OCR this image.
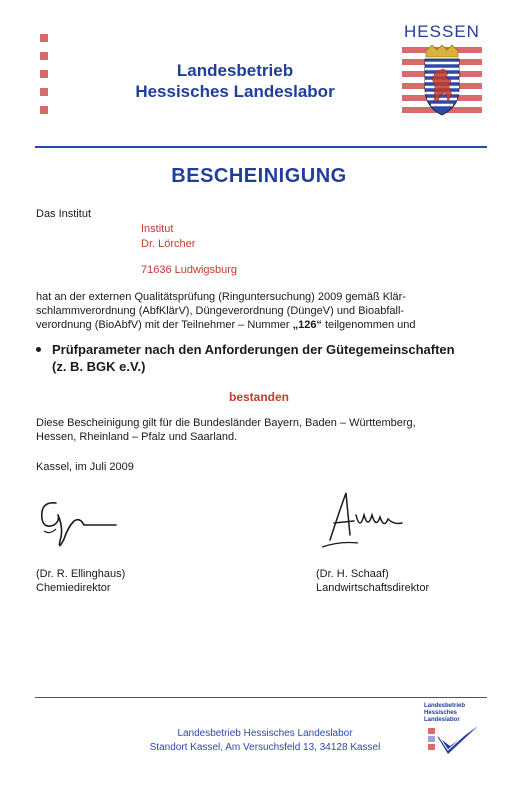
Landesbetrieb
Hessisches Landeslabor
HESSEN
BESCHEINIGUNG
Das Institut
Institut
Dr. Lörcher
71636 Ludwigsburg
hat an der externen Qualitätsprüfung (Ringuntersuchung) 2009 gemäß Klär-
schlammverordnung (AbfKlärV), Düngeverordnung (DüngeV) und Bioabfall-
verordnung (BioAbfV) mit der Teilnehmer – Nummer „126“ teilgenommen und
Prüfparameter nach den Anforderungen der Gütegemeinschaften
(z. B. BGK e.V.)
bestanden
Diese Bescheinigung gilt für die Bundesländer Bayern, Baden – Württemberg,
Hessen, Rheinland – Pfalz und Saarland.
Kassel, im Juli 2009
(Dr. R. Ellinghaus)
Chemiedirektor
(Dr. H. Schaaf)
Landwirtschaftsdirektor
Landesbetrieb Hessisches Landeslabor
Standort Kassel, Am Versuchsfeld 13, 34128 Kassel
Landesbetrieb
Hessisches
Landeslabor
